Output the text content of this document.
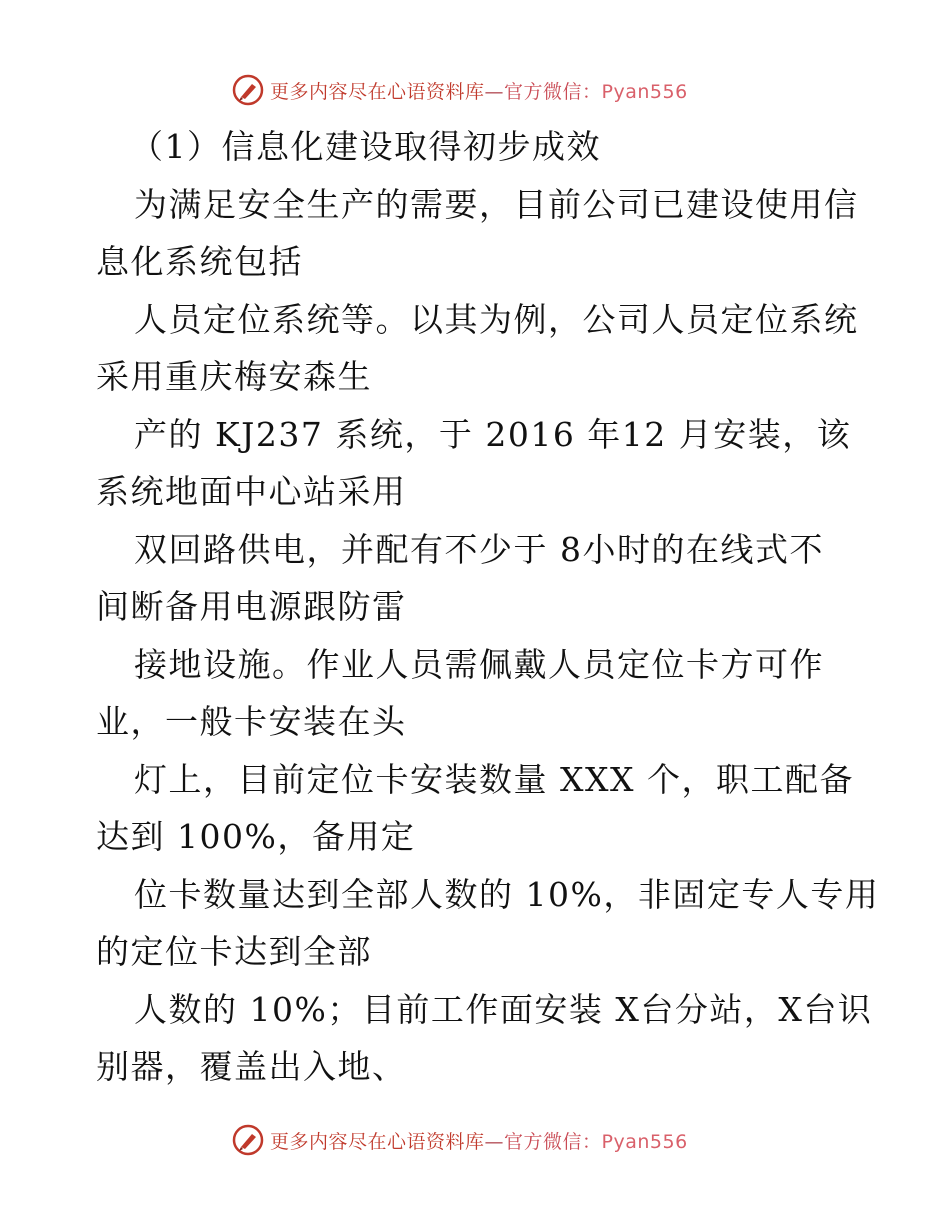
更多内容尽在心语资料库—官方微信：Pyan556
（1）信息化建设取得初步成效
为满足安全生产的需要，目前公司已建设使用信
息化系统包括
人员定位系统等。以其为例，公司人员定位系统
采用重庆梅安森生
产的 KJ237 系统，于 2016 年12 月安装，该
系统地面中心站采用
双回路供电，并配有不少于 8小时的在线式不
间断备用电源跟防雷
接地设施。作业人员需佩戴人员定位卡方可作
业，一般卡安装在头
灯上，目前定位卡安装数量 XXX 个，职工配备
达到 100%，备用定
位卡数量达到全部人数的 10%，非固定专人专用
的定位卡达到全部
人数的 10%；目前工作面安装 X台分站，X台识
别器，覆盖出入地、
更多内容尽在心语资料库—官方微信：Pyan556
